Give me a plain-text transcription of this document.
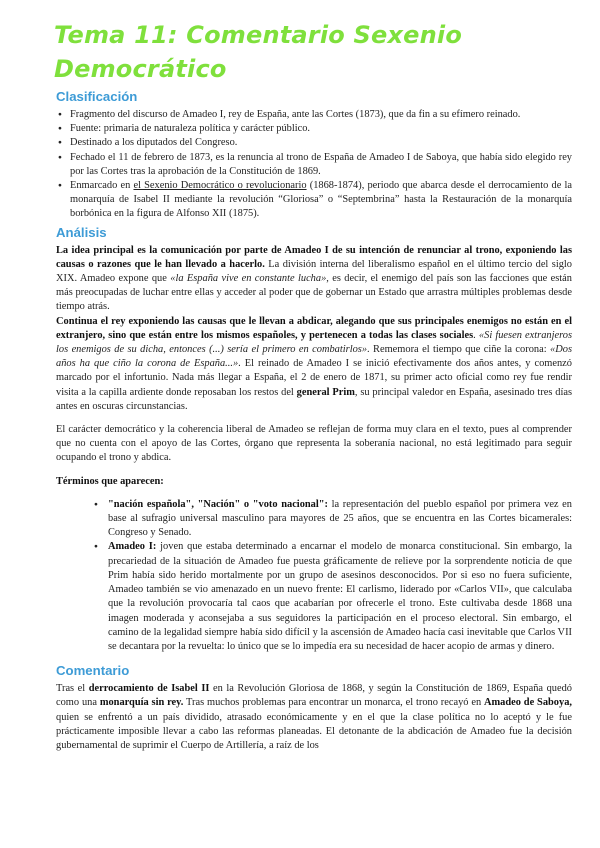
Tema 11: Comentario Sexenio Democrático
Clasificación
● Fragmento del discurso de Amadeo I, rey de España, ante las Cortes (1873), que da fin a su efímero reinado.
● Fuente: primaria de naturaleza política y carácter público.
● Destinado a los diputados del Congreso.
● Fechado el 11 de febrero de 1873, es la renuncia al trono de España de Amadeo I de Saboya, que había sido elegido rey por las Cortes tras la aprobación de la Constitución de 1869.
● Enmarcado en el Sexenio Democrático o revolucionario (1868-1874), periodo que abarca desde el derrocamiento de la monarquía de Isabel II mediante la revolución “Gloriosa” o “Septembrina” hasta la Restauración de la monarquía borbónica en la figura de Alfonso XII (1875).
Análisis

La idea principal es la comunicación por parte de Amadeo I de su intención de renunciar al trono, exponiendo las causas o razones que le han llevado a hacerlo. La división interna del liberalismo español en el último tercio del siglo XIX. Amadeo expone que «la España vive en constante lucha», es decir, el enemigo del país son las facciones que están más preocupadas de luchar entre ellas y acceder al poder que de gobernar un Estado que arrastra múltiples problemas desde tiempo atrás.

Continua el rey exponiendo las causas que le llevan a abdicar, alegando que sus principales enemigos no están en el extranjero, sino que están entre los mismos españoles, y pertenecen a todas las clases sociales. «Si fuesen extranjeros los enemigos de su dicha, entonces (...) sería el primero en combatirlos». Rememora el tiempo que ciñe la corona: «Dos años ha que ciño la corona de España...». El reinado de Amadeo I se inició efectivamente dos años antes, y comenzó marcado por el infortunio. Nada más llegar a España, el 2 de enero de 1871, su primer acto oficial como rey fue rendir visita a la capilla ardiente donde reposaban los restos del general Prim, su principal valedor en España, asesinado tres días antes en oscuras circunstancias.

El carácter democrático y la coherencia liberal de Amadeo se reflejan de forma muy clara en el texto, pues al comprender que no cuenta con el apoyo de las Cortes, órgano que representa la soberanía nacional, no está legitimado para seguir ocupando el trono y abdica.

Términos que aparecen:

● "nación española", "Nación" o "voto nacional": la representación del pueblo español por primera vez en base al sufragio universal masculino para mayores de 25 años, que se encuentra en las Cortes bicamerales: Congreso y Senado.
● Amadeo I: joven que estaba determinado a encarnar el modelo de monarca constitucional. Sin embargo, la precariedad de la situación de Amadeo fue puesta gráficamente de relieve por la sorprendente noticia de que Prim había sido herido mortalmente por un grupo de asesinos desconocidos. Por si eso no fuera suficiente, Amadeo también se vio amenazado en un nuevo frente: El carlismo, liderado por «Carlos VII», que calculaba que la revolución provocaría tal caos que acabarían por ofrecerle el trono. Este cultivaba desde 1868 una imagen moderada y aconsejaba a sus seguidores la participación en el proceso electoral. Sin embargo, el camino de la legalidad siempre había sido difícil y la ascensión de Amadeo hacía casi inevitable que Carlos VII se decantara por la revuelta: lo único que se lo impedía era su necesidad de hacer acopio de armas y dinero.
Comentario

Tras el derrocamiento de Isabel II en la Revolución Gloriosa de 1868, y según la Constitución de 1869, España quedó como una monarquía sin rey. Tras muchos problemas para encontrar un monarca, el trono recayó en Amadeo de Saboya, quien se enfrentó a un país dividido, atrasado económicamente y en el que la clase política no lo aceptó y le fue prácticamente imposible llevar a cabo las reformas planeadas. El detonante de la abdicación de Amadeo fue la decisión gubernamental de suprimir el Cuerpo de Artillería, a raíz de los
